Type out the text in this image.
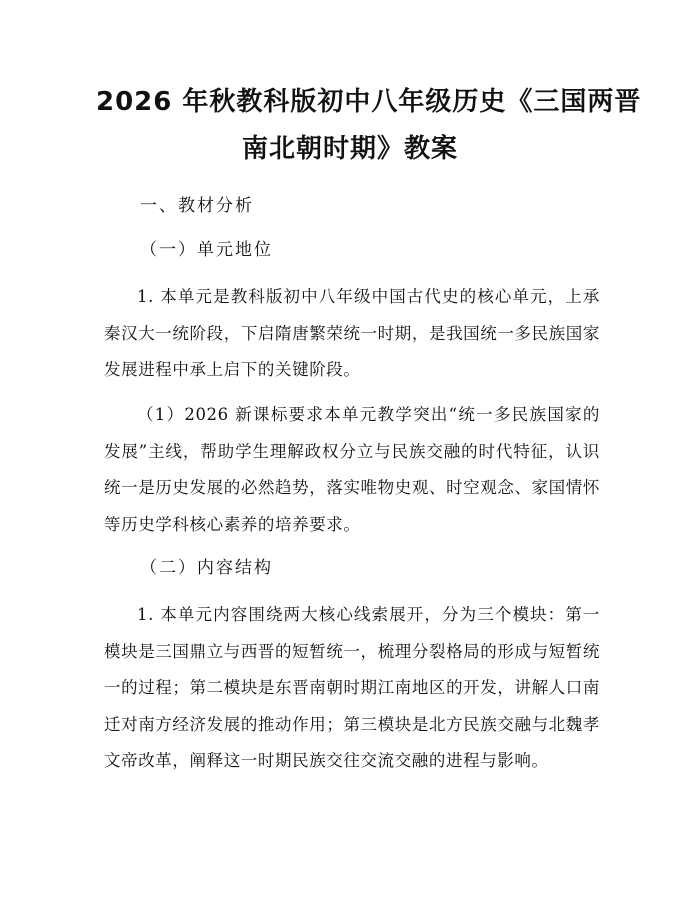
2026 年秋教科版初中八年级历史《三国两晋
南北朝时期》教案
一、教材分析
（一）单元地位

1. 本单元是教科版初中八年级中国古代史的核心单元，上承秦汉大一统阶段，下启隋唐繁荣统一时期，是我国统一多民族国家发展进程中承上启下的关键阶段。

（1）2026 新课标要求本单元教学突出“统一多民族国家的发展”主线，帮助学生理解政权分立与民族交融的时代特征，认识统一是历史发展的必然趋势，落实唯物史观、时空观念、家国情怀等历史学科核心素养的培养要求。

（二）内容结构

1. 本单元内容围绕两大核心线索展开，分为三个模块：第一模块是三国鼎立与西晋的短暂统一，梳理分裂格局的形成与短暂统一的过程；第二模块是东晋南朝时期江南地区的开发，讲解人口南迁对南方经济发展的推动作用；第三模块是北方民族交融与北魏孝文帝改革，阐释这一时期民族交往交流交融的进程与影响。
